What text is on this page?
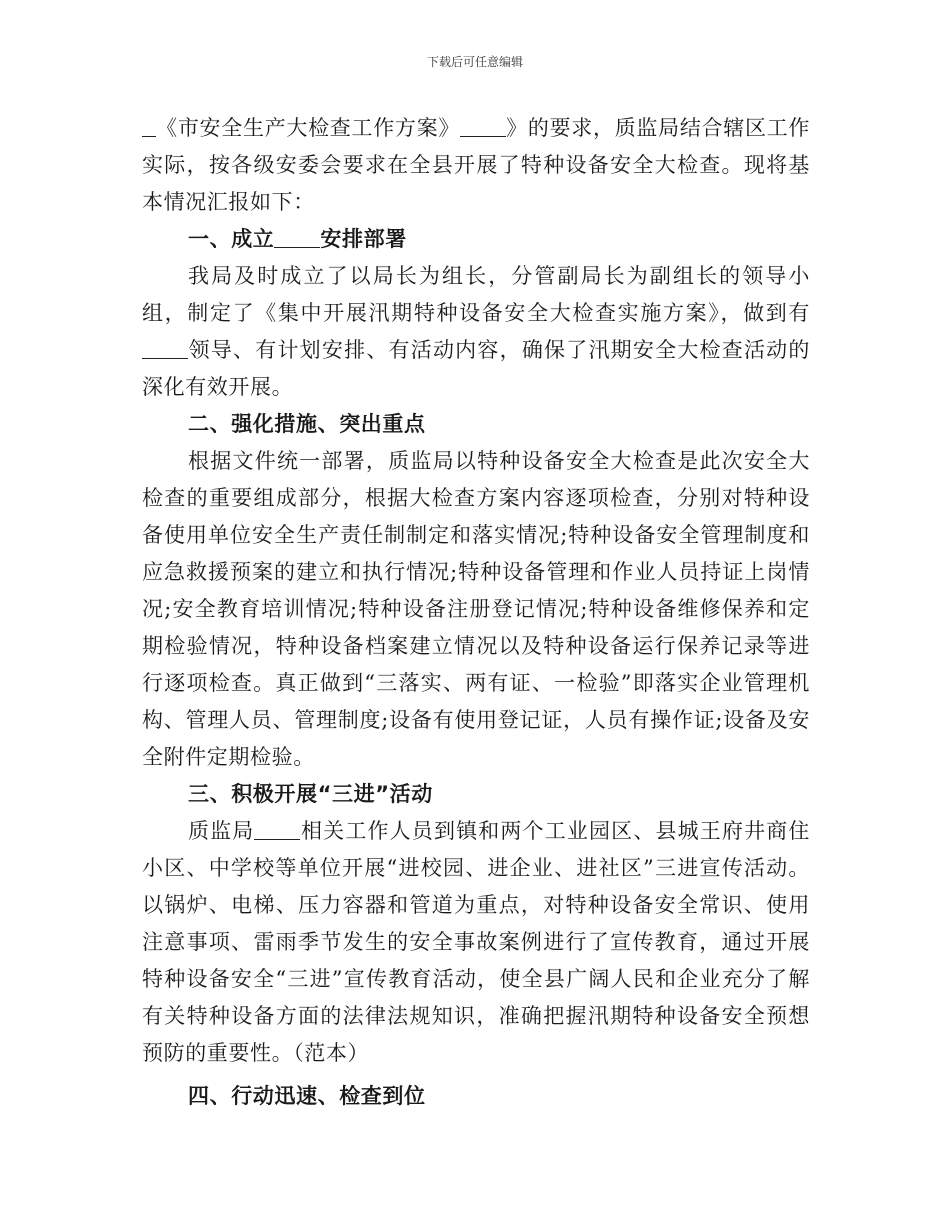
下载后可任意编辑

《市安全生产大检查工作方案》 》的要求，质监局结合辖区工作实际，按各级安委会要求在全县开展了特种设备安全大检查。现将基本情况汇报如下：

一、成立 安排部署

我局及时成立了以局长为组长，分管副局长为副组长的领导小组，制定了《集中开展汛期特种设备安全大检查实施方案》，做到有领导、有计划安排、有活动内容，确保了汛期安全大检查活动的深化有效开展。

二、强化措施、突出重点

根据文件统一部署，质监局以特种设备安全大检查是此次安全大检查的重要组成部分，根据大检查方案内容逐项检查，分别对特种设备使用单位安全生产责任制制定和落实情况;特种设备安全管理制度和应急救援预案的建立和执行情况;特种设备管理和作业人员持证上岗情况;安全教育培训情况;特种设备注册登记情况;特种设备维修保养和定期检验情况，特种设备档案建立情况以及特种设备运行保养记录等进行逐项检查。真正做到“三落实、两有证、一检验”即落实企业管理机构、管理人员、管理制度;设备有使用登记证，人员有操作证;设备及安全附件定期检验。

三、积极开展“三进”活动

质监局 相关工作人员到镇和两个工业园区、县城王府井商住小区、中学校等单位开展“进校园、进企业、进社区”三进宣传活动。以锅炉、电梯、压力容器和管道为重点，对特种设备安全常识、使用注意事项、雷雨季节发生的安全事故案例进行了宣传教育，通过开展特种设备安全“三进”宣传教育活动，使全县广阔人民和企业充分了解有关特种设备方面的法律法规知识，准确把握汛期特种设备安全预想预防的重要性。（范本）

四、行动迅速、检查到位
